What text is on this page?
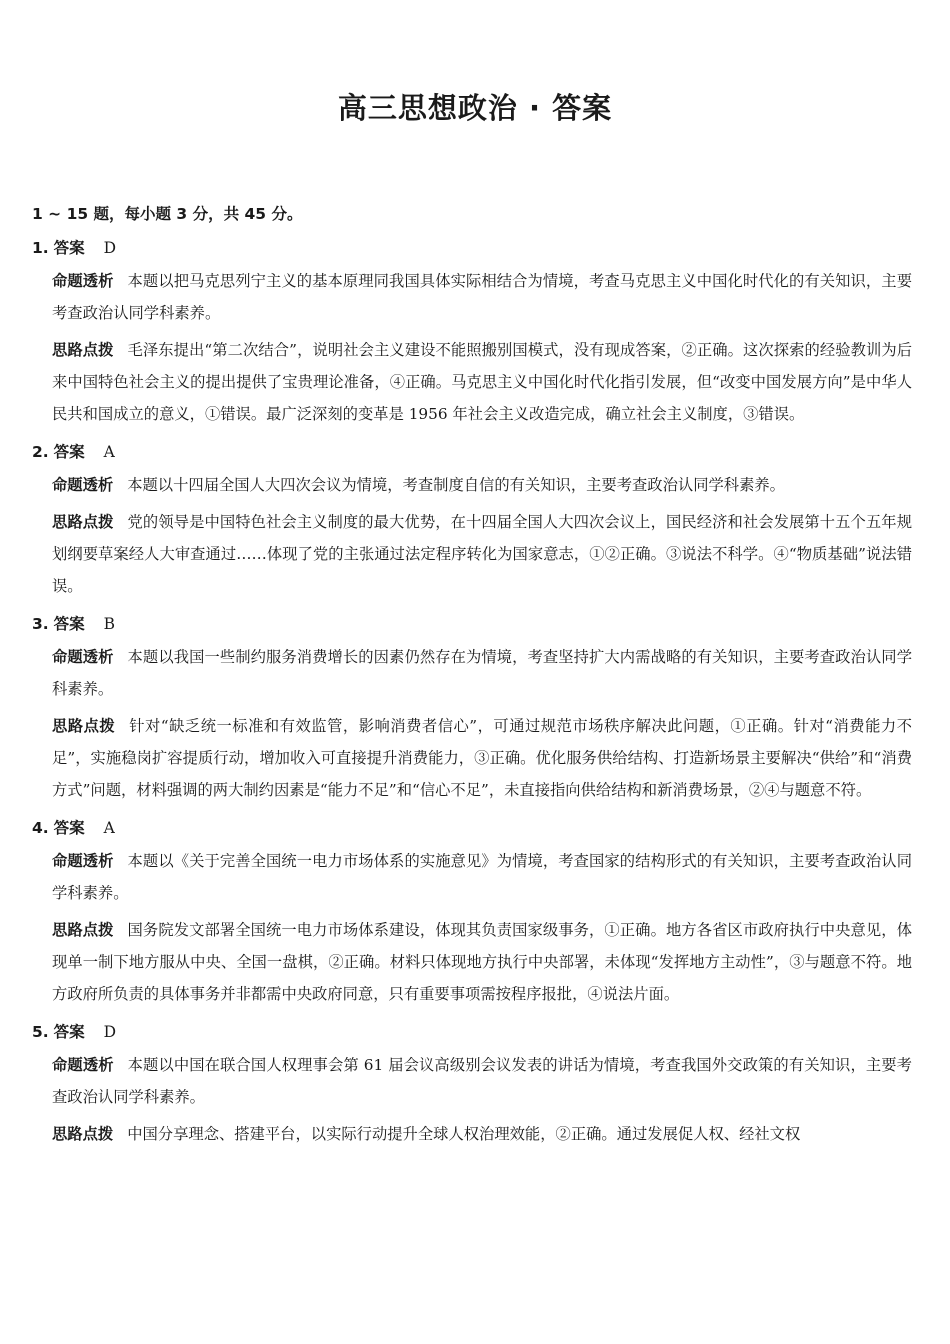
高三思想政治 · 答案
1 ~ 15 题，每小题 3 分，共 45 分。
1. 答案 D
命题透析 本题以把马克思列宁主义的基本原理同我国具体实际相结合为情境，考查马克思主义中国化时代化的有关知识，主要考查政治认同学科素养。
思路点拨 毛泽东提出“第二次结合”，说明社会主义建设不能照搬别国模式，没有现成答案，②正确。这次探索的经验教训为后来中国特色社会主义的提出提供了宝贵理论准备，④正确。马克思主义中国化时代化指引发展，但“改变中国发展方向”是中华人民共和国成立的意义，①错误。最广泛深刻的变革是 1956 年社会主义改造完成，确立社会主义制度，③错误。
2. 答案 A
命题透析 本题以十四届全国人大四次会议为情境，考查制度自信的有关知识，主要考查政治认同学科素养。
思路点拨 党的领导是中国特色社会主义制度的最大优势，在十四届全国人大四次会议上，国民经济和社会发展第十五个五年规划纲要草案经人大审查通过……体现了党的主张通过法定程序转化为国家意志，①②正确。③说法不科学。④“物质基础”说法错误。
3. 答案 B
命题透析 本题以我国一些制约服务消费增长的因素仍然存在为情境，考查坚持扩大内需战略的有关知识，主要考查政治认同学科素养。
思路点拨 针对“缺乏统一标准和有效监管，影响消费者信心”，可通过规范市场秩序解决此问题，①正确。针对“消费能力不足”，实施稳岗扩容提质行动，增加收入可直接提升消费能力，③正确。优化服务供给结构、打造新场景主要解决“供给”和“消费方式”问题，材料强调的两大制约因素是“能力不足”和“信心不足”，未直接指向供给结构和新消费场景，②④与题意不符。
4. 答案 A
命题透析 本题以《关于完善全国统一电力市场体系的实施意见》为情境，考查国家的结构形式的有关知识，主要考查政治认同学科素养。
思路点拨 国务院发文部署全国统一电力市场体系建设，体现其负责国家级事务，①正确。地方各省区市政府执行中央意见，体现单一制下地方服从中央、全国一盘棋，②正确。材料只体现地方执行中央部署，未体现“发挥地方主动性”，③与题意不符。地方政府所负责的具体事务并非都需中央政府同意，只有重要事项需按程序报批，④说法片面。
5. 答案 D
命题透析 本题以中国在联合国人权理事会第 61 届会议高级别会议发表的讲话为情境，考查我国外交政策的有关知识，主要考查政治认同学科素养。
思路点拨 中国分享理念、搭建平台，以实际行动提升全球人权治理效能，②正确。通过发展促人权、经社文权
